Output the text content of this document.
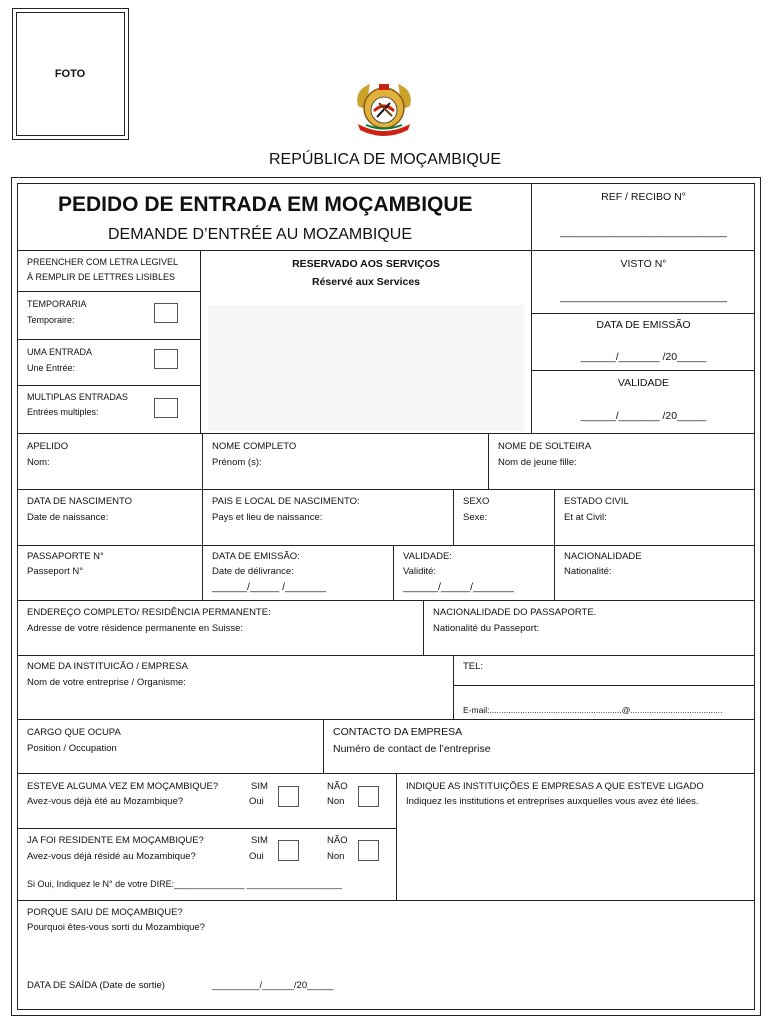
FOTO
REPÚBLICA DE MOÇAMBIQUE
PEDIDO DE ENTRADA EM MOÇAMBIQUE
DEMANDE D’ENTRÉE AU MOZAMBIQUE
REF / RECIBO N°
______________________________
PREENCHER COM LETRA LEGIVEL
Á REMPLIR DE LETTRES LISIBLES
TEMPORARIA
Temporaire:
UMA ENTRADA
Une Entrée:
MULTIPLAS ENTRADAS
Entrées multiples:
RESERVADO AOS SERVIÇOS
Réservé aux Services
VISTO N°
______________________________
DATA DE EMISSÃO
______/_______ /20_____
VALIDADE
______/_______ /20_____
APELIDO
Nom:
NOME COMPLETO
Prénom (s):
NOME DE SOLTEIRA
Nom de jeune fille:
DATA DE NASCIMENTO
Date de naissance:
PAIS E LOCAL DE NASCIMENTO:
Pays et lieu de naissance:
SEXO
Sexe:
ESTADO CIVIL
Et at Civil:
PASSAPORTE N°
Passeport N°
DATA DE EMISSÃO:
Date de délivrance:
______/_____ /_______
VALIDADE:
Validité:
______/_____/_______
NACIONALIDADE
Nationalité:
ENDEREÇO COMPLETO/ RESIDÊNCIA PERMANENTE:
Adresse de votre résidence permanente en Suisse:
NACIONALIDADE DO PASSAPORTE.
Nationalité du Passeport:
NOME DA INSTITUICÃO / EMPRESA
Nom de votre entreprise / Organisme:
TEL:
E-mail:........................................................@.......................................
CARGO QUE OCUPA
Position / Occupation
CONTACTO DA EMPRESA
Numéro de contact de l’entreprise
ESTEVE ALGUMA VEZ EM MOÇAMBIQUE?
Avez-vous déjà été au Mozambique?
SIM
Oui
NÃO
Non
INDIQUE AS INSTITUIÇÕES E EMPRESAS A QUE ESTEVE LIGADO
Indiquez les institutions et entreprises auxquelles vous avez été liées.
JA FOI RESIDENTE EM MOÇAMBIQUE?
Avez-vous déjà résidé au Mozambique?
SIM
Oui
NÃO
Non
Si Oui, Indiquez le N° de votre DIRE:______________ ___________________
PORQUE SAIU DE MOÇAMBIQUE?
Pourquoi êtes-vous sorti du Mozambique?
DATA DE SAÍDA (Date de sortie)	_________/______/20_____
